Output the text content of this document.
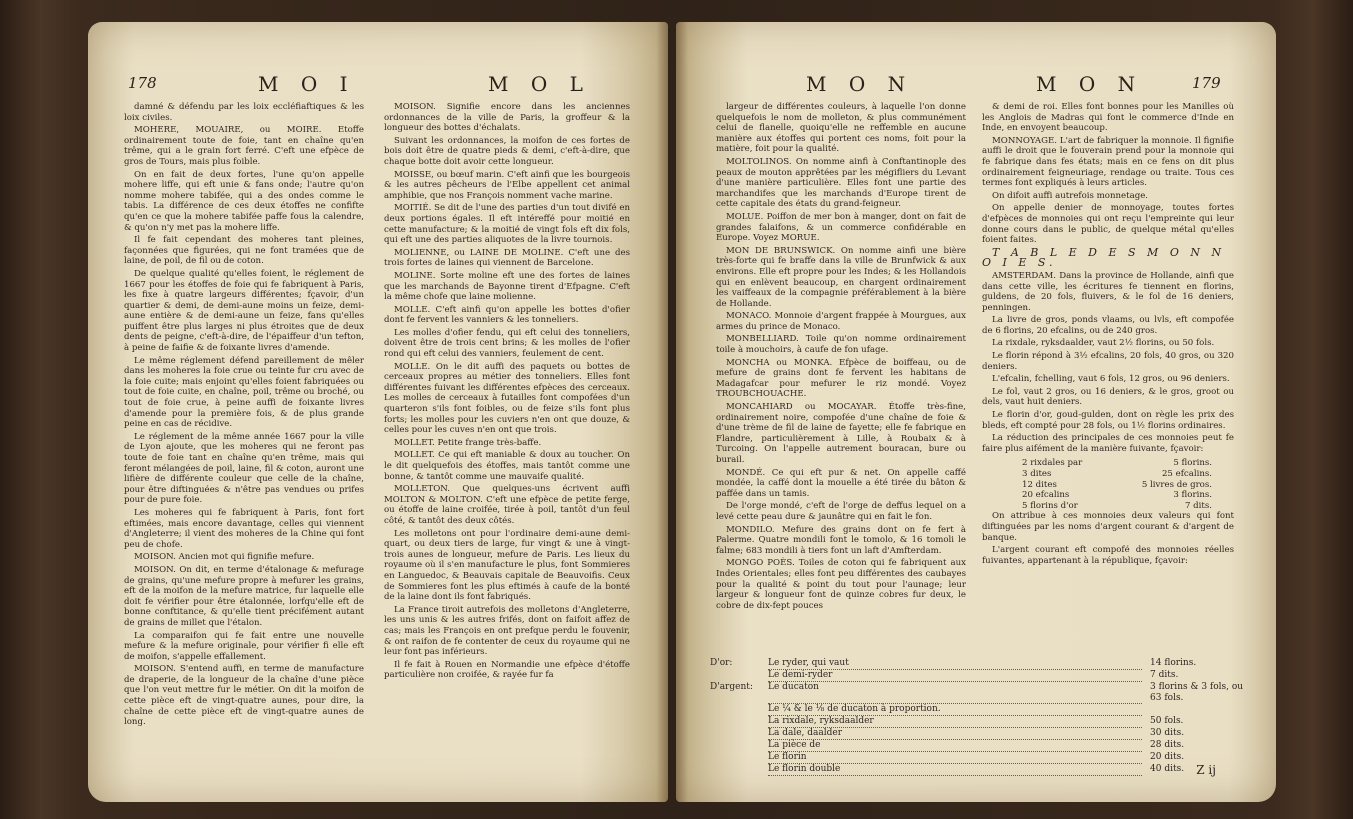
178	M O I	M O L

damné & défendu par les loix eccléfiaftiques & les loix civiles.

MOHERE, MOUAIRE, ou MOIRE. Etoffe ordinairement toute de foie, tant en chaîne qu'en trême, qui a le grain fort ferré. C'eft une efpèce de gros de Tours, mais plus foible.

On en fait de deux fortes, l'une qu'on appelle mohere liffe, qui eft unie & fans onde; l'autre qu'on nomme mohere tabifée, qui a des ondes comme le tabis. La différence de ces deux étoffes ne confifte qu'en ce que la mohere tabifée paffe fous la calendre, & qu'on n'y met pas la mohere liffe.

Il fe fait cependant des moheres tant pleines, façonnées que figurées, qui ne font tramées que de laine, de poil, de fil ou de coton.

De quelque qualité qu'elles foient, le réglement de 1667 pour les étoffes de foie qui fe fabriquent à Paris, les fixe à quatre largeurs différentes; fçavoir, d'un quartier & demi, de demi-aune moins un feize, demi-aune entière & de demi-aune un feize, fans qu'elles puiffent être plus larges ni plus étroites que de deux dents de peigne, c'eft-à-dire, de l'épaiffeur d'un tefton, à peine de faifie & de foixante livres d'amende.

Le même réglement défend pareillement de mêler dans les moheres la foie crue ou teinte fur cru avec de la foie cuite; mais enjoint qu'elles foient fabriquées ou tout de foie cuite, en chaîne, poil, trême ou broché, ou tout de foie crue, à peine auffi de foixante livres d'amende pour la première fois, & de plus grande peine en cas de récidive.

Le réglement de la même année 1667 pour la ville de Lyon ajoute, que les moheres qui ne feront pas toute de foie tant en chaîne qu'en trême, mais qui feront mélangées de poil, laine, fil & coton, auront une lifière de différente couleur que celle de la chaîne, pour être diftinguées & n'être pas vendues ou prifes pour de pure foie.

Les moheres qui fe fabriquent à Paris, font fort eftimées, mais encore davantage, celles qui viennent d'Angleterre; il vient des moheres de la Chine qui font peu de chofe.

MOISON. Ancien mot qui fignifie mefure.

MOISON. On dit, en terme d'étalonage & mefurage de grains, qu'une mefure propre à mefurer les grains, eft de la moifon de la mefure matrice, fur laquelle elle doit fe vérifier pour être étalonnée, lorfqu'elle eft de bonne conftitance, & qu'elle tient précifément autant de grains de millet que l'étalon.

La comparaifon qui fe fait entre une nouvelle mefure & la mefure originale, pour vérifier fi elle eft de moifon, s'appelle effallement.

MOISON. S'entend auffi, en terme de manufacture de draperie, de la longueur de la chaîne d'une pièce que l'on veut mettre fur le métier. On dit la moifon de cette pièce eft de vingt-quatre aunes, pour dire, la chaîne de cette pièce eft de vingt-quatre aunes de long.

MOISON. Signifie encore dans les anciennes ordonnances de la ville de Paris, la groffeur & la longueur des bottes d'échalats.

Suivant les ordonnances, la moifon de ces fortes de bois doit être de quatre pieds & demi, c'eft-à-dire, que chaque botte doit avoir cette longueur.

MOISSE, ou bœuf marin. C'eft ainfi que les bourgeois & les autres pêcheurs de l'Elbe appellent cet animal amphibie, que nos François nomment vache marine.

MOITIÉ. Se dit de l'une des parties d'un tout divifé en deux portions égales. Il eft intéreffé pour moitié en cette manufacture; & la moitié de vingt fols eft dix fols, qui eft une des parties aliquotes de la livre tournois.

MOLIENNE, ou LAINE DE MOLINE. C'eft une des trois fortes de laines qui viennent de Barcelone.

MOLINE. Sorte moline eft une des fortes de laines que les marchands de Bayonne tirent d'Efpagne. C'eft la même chofe que laine molienne.

MOLLE. C'eft ainfi qu'on appelle les bottes d'ofier dont fe fervent les vanniers & les tonneliers.

Les molles d'ofier fendu, qui eft celui des tonneliers, doivent être de trois cent brins; & les molles de l'ofier rond qui eft celui des vanniers, feulement de cent.

MOLLE. On le dit auffi des paquets ou bottes de cerceaux propres au métier des tonneliers. Elles font différentes fuivant les différentes efpèces des cerceaux. Les molles de cerceaux à futailles font compofées d'un quarteron s'ils font foibles, ou de feize s'ils font plus forts; les molles pour les cuviers n'en ont que douze, & celles pour les cuves n'en ont que trois.

MOLLET. Petite frange très-baffe.

MOLLET. Ce qui eft maniable & doux au toucher. On le dit quelquefois des étoffes, mais tantôt comme une bonne, & tantôt comme une mauvaife qualité.

MOLLETON. Que quelques-uns écrivent auffi MOLTON & MOLTON. C'eft une efpèce de petite ferge, ou étoffe de laine croifée, tirée à poil, tantôt d'un feul côté, & tantôt des deux côtés.

Les molletons ont pour l'ordinaire demi-aune demi-quart, ou deux tiers de large, fur vingt & une à vingt-trois aunes de longueur, mefure de Paris. Les lieux du royaume où il s'en manufacture le plus, font Sommieres en Languedoc, & Beauvais capitale de Beauvoifis. Ceux de Sommieres font les plus eftimés à caufe de la bonté de la laine dont ils font fabriqués.

La France tiroit autrefois des molletons d'Angleterre, les uns unis & les autres frifés, dont on faifoit affez de cas; mais les François en ont prefque perdu le fouvenir, & ont raifon de fe contenter de ceux du royaume qui ne leur font pas inférieurs.

Il fe fait à Rouen en Normandie une efpèce d'étoffe particulière non croifée, & rayée fur fa

M O N	M O N	179

largeur de différentes couleurs, à laquelle l'on donne quelquefois le nom de molleton, & plus communément celui de flanelle, quoiqu'elle ne reffemble en aucune manière aux étoffes qui portent ces noms, foit pour la matière, foit pour la qualité.

MOLTOLINOS. On nomme ainfi à Conftantinople des peaux de mouton apprêtées par les mégifliers du Levant d'une manière particulière. Elles font une partie des marchandifes que les marchands d'Europe tirent de cette capitale des états du grand-feigneur.

MOLUE. Poiffon de mer bon à manger, dont on fait de grandes falaifons, & un commerce confidérable en Europe. Voyez MORUE.

MON DE BRUNSWICK. On nomme ainfi une bière très-forte qui fe braffe dans la ville de Brunfwick & aux environs. Elle eft propre pour les Indes; & les Hollandois qui en enlèvent beaucoup, en chargent ordinairement les vaiffeaux de la compagnie préférablement à la bière de Hollande.

MONACO. Monnoie d'argent frappée à Mourgues, aux armes du prince de Monaco.

MONBELLIARD. Toile qu'on nomme ordinairement toile à mouchoirs, à caufe de fon ufage.

MONCHA ou MONKA. Efpèce de boiffeau, ou de mefure de grains dont fe fervent les habitans de Madagafcar pour mefurer le riz mondé. Voyez TROUBCHOUACHE.

MONCAHIARD ou MOCAYAR. Étoffe très-fine, ordinairement noire, compofée d'une chaîne de foie & d'une trème de fil de laine de fayette; elle fe fabrique en Flandre, particulièrement à Lille, à Roubaix & à Turcoing. On l'appelle autrement bouracan, bure ou burail.

MONDÉ. Ce qui eft pur & net. On appelle caffé mondée, la caffé dont la mouelle a été tirée du bâton & paffée dans un tamis.

De l'orge mondé, c'eft de l'orge de deffus lequel on a levé cette peau dure & jaunâtre qui en fait le fon.

MONDILO. Mefure des grains dont on fe fert à Palerme. Quatre mondili font le tomolo, & 16 tomoli le falme; 683 mondili à tiers font un laft d'Amfterdam.

MONGO POÈS. Toiles de coton qui fe fabriquent aux Indes Orientales; elles font peu différentes des caubayes pour la qualité & point du tout pour l'aunage; leur largeur & longueur font de quinze cobres fur deux, le cobre de dix-fept pouces

& demi de roi. Elles font bonnes pour les Manilles où les Anglois de Madras qui font le commerce d'Inde en Inde, en envoyent beaucoup.

MONNOYAGE. L'art de fabriquer la monnoie. Il fignifie auffi le droit que le fouverain prend pour la monnoie qui fe fabrique dans fes états; mais en ce fens on dit plus ordinairement feigneuriage, rendage ou traite. Tous ces termes font expliqués à leurs articles.

On difoit auffi autrefois monnetage.

On appelle denier de monnoyage, toutes fortes d'efpèces de monnoies qui ont reçu l'empreinte qui leur donne cours dans le public, de quelque métal qu'elles foient faites.

T A B L E D E S M O N N O I E S.

AMSTERDAM. Dans la province de Hollande, ainfi que dans cette ville, les écritures fe tiennent en florins, guldens, de 20 fols, fluivers, & le fol de 16 deniers, penningen.

La livre de gros, ponds vlaams, ou lvls, eft compofée de 6 florins, 20 efcalins, ou de 240 gros.

La rixdale, ryksdaalder, vaut 2½ florins, ou 50 fols.

Le florin répond à 3½ efcalins, 20 fols, 40 gros, ou 320 deniers.

L'efcalin, fchelling, vaut 6 fols, 12 gros, ou 96 deniers.

Le fol, vaut 2 gros, ou 16 deniers, & le gros, groot ou dels, vaut huit deniers.

Le florin d'or, goud-gulden, dont on règle les prix des bleds, eft compté pour 28 fols, ou 1½ florins ordinaires.

La réduction des principales de ces monnoies peut fe faire plus aifément de la manière fuivante, fçavoir:

2 rixdales par	5 florins.
3 dites	25 efcalins.
12 dites	5 livres de gros.
20 efcalins	3 florins.
5 florins d'or	7 dits.

On attribue à ces monnoies deux valeurs qui font diftinguées par les noms d'argent courant & d'argent de banque.

L'argent courant eft compofé des monnoies réelles fuivantes, appartenant à la république, fçavoir:

D'or:	Le ryder, qui vaut	14 florins.
Le demi-ryder	7 dits.
D'argent:	Le ducaton	3 florins & 3 fols, ou 63 fols.
Le ¼ & le ⅛ de ducaton à proportion.
La rixdale, ryksdaalder	50 fols.
La dale, daalder	30 dits.
La pièce de	28 dits.
Le florin	20 dits.
Le florin double	40 dits.	Z ij
